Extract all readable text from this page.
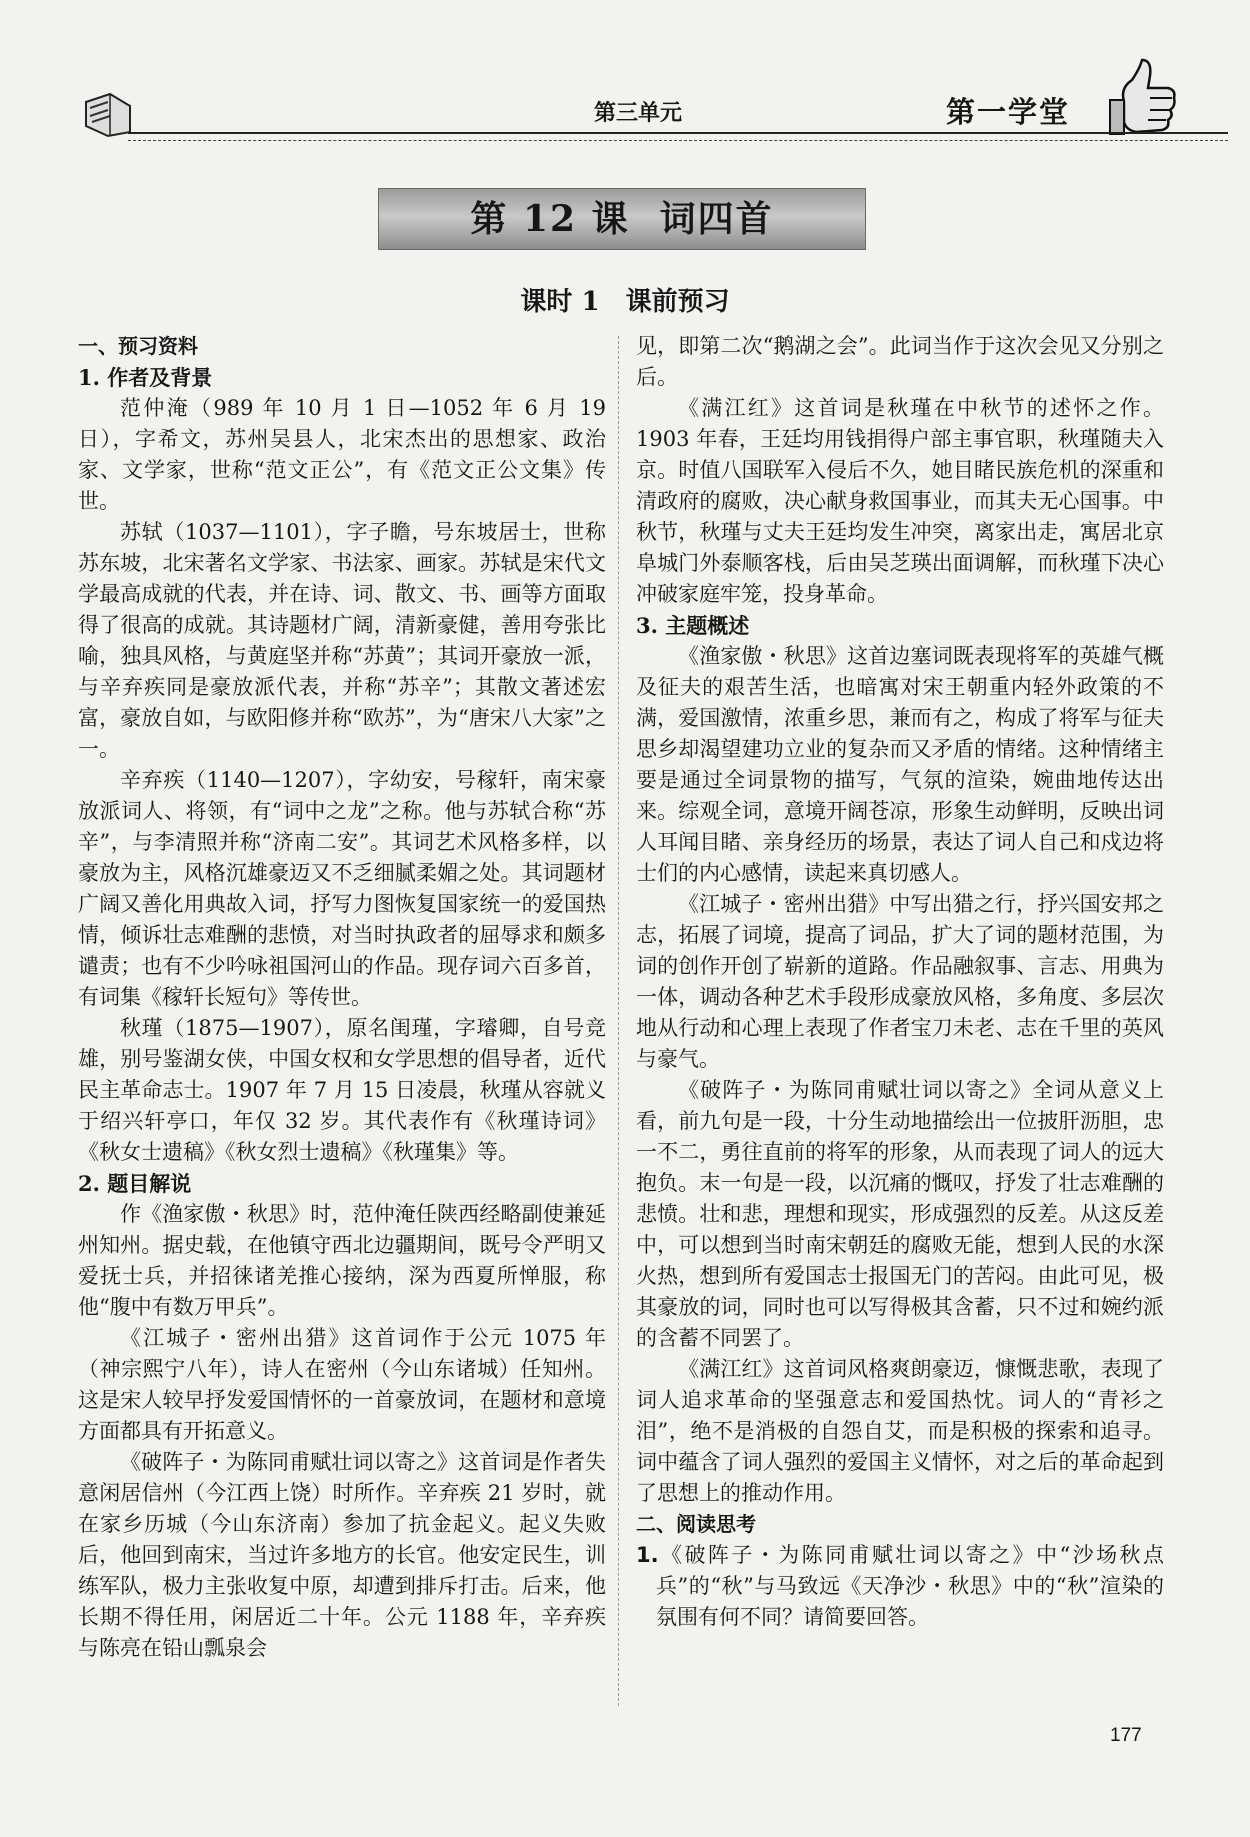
第三单元	第一学堂
第 12 课 词四首
课时 1　课前预习

一、预习资料

1. 作者及背景

范仲淹（989 年 10 月 1 日—1052 年 6 月 19 日），字希文，苏州吴县人，北宋杰出的思想家、政治家、文学家，世称“范文正公”，有《范文正公文集》传世。

苏轼（1037—1101），字子瞻，号东坡居士，世称苏东坡，北宋著名文学家、书法家、画家。苏轼是宋代文学最高成就的代表，并在诗、词、散文、书、画等方面取得了很高的成就。其诗题材广阔，清新豪健，善用夸张比喻，独具风格，与黄庭坚并称“苏黄”；其词开豪放一派，与辛弃疾同是豪放派代表，并称“苏辛”；其散文著述宏富，豪放自如，与欧阳修并称“欧苏”，为“唐宋八大家”之一。

辛弃疾（1140—1207），字幼安，号稼轩，南宋豪放派词人、将领，有“词中之龙”之称。他与苏轼合称“苏辛”，与李清照并称“济南二安”。其词艺术风格多样，以豪放为主，风格沉雄豪迈又不乏细腻柔媚之处。其词题材广阔又善化用典故入词，抒写力图恢复国家统一的爱国热情，倾诉壮志难酬的悲愤，对当时执政者的屈辱求和颇多谴责；也有不少吟咏祖国河山的作品。现存词六百多首，有词集《稼轩长短句》等传世。

秋瑾（1875—1907），原名闺瑾，字璿卿，自号竞雄，别号鉴湖女侠，中国女权和女学思想的倡导者，近代民主革命志士。1907 年 7 月 15 日凌晨，秋瑾从容就义于绍兴轩亭口，年仅 32 岁。其代表作有《秋瑾诗词》《秋女士遗稿》《秋女烈士遗稿》《秋瑾集》等。

2. 题目解说

作《渔家傲・秋思》时，范仲淹任陕西经略副使兼延州知州。据史载，在他镇守西北边疆期间，既号令严明又爱抚士兵，并招徕诸羌推心接纳，深为西夏所惮服，称他“腹中有数万甲兵”。

《江城子・密州出猎》这首词作于公元 1075 年（神宗熙宁八年），诗人在密州（今山东诸城）任知州。这是宋人较早抒发爱国情怀的一首豪放词，在题材和意境方面都具有开拓意义。

《破阵子・为陈同甫赋壮词以寄之》这首词是作者失意闲居信州（今江西上饶）时所作。辛弃疾 21 岁时，就在家乡历城（今山东济南）参加了抗金起义。起义失败后，他回到南宋，当过许多地方的长官。他安定民生，训练军队，极力主张收复中原，却遭到排斥打击。后来，他长期不得任用，闲居近二十年。公元 1188 年，辛弃疾与陈亮在铅山瓢泉会

见，即第二次“鹅湖之会”。此词当作于这次会见又分别之后。

《满江红》这首词是秋瑾在中秋节的述怀之作。1903 年春，王廷均用钱捐得户部主事官职，秋瑾随夫入京。时值八国联军入侵后不久，她目睹民族危机的深重和清政府的腐败，决心献身救国事业，而其夫无心国事。中秋节，秋瑾与丈夫王廷均发生冲突，离家出走，寓居北京阜城门外泰顺客栈，后由吴芝瑛出面调解，而秋瑾下决心冲破家庭牢笼，投身革命。

3. 主题概述

《渔家傲・秋思》这首边塞词既表现将军的英雄气概及征夫的艰苦生活，也暗寓对宋王朝重内轻外政策的不满，爱国激情，浓重乡思，兼而有之，构成了将军与征夫思乡却渴望建功立业的复杂而又矛盾的情绪。这种情绪主要是通过全词景物的描写，气氛的渲染，婉曲地传达出来。综观全词，意境开阔苍凉，形象生动鲜明，反映出词人耳闻目睹、亲身经历的场景，表达了词人自己和戍边将士们的内心感情，读起来真切感人。

《江城子・密州出猎》中写出猎之行，抒兴国安邦之志，拓展了词境，提高了词品，扩大了词的题材范围，为词的创作开创了崭新的道路。作品融叙事、言志、用典为一体，调动各种艺术手段形成豪放风格，多角度、多层次地从行动和心理上表现了作者宝刀未老、志在千里的英风与豪气。

《破阵子・为陈同甫赋壮词以寄之》全词从意义上看，前九句是一段，十分生动地描绘出一位披肝沥胆，忠一不二，勇往直前的将军的形象，从而表现了词人的远大抱负。末一句是一段，以沉痛的慨叹，抒发了壮志难酬的悲愤。壮和悲，理想和现实，形成强烈的反差。从这反差中，可以想到当时南宋朝廷的腐败无能，想到人民的水深火热，想到所有爱国志士报国无门的苦闷。由此可见，极其豪放的词，同时也可以写得极其含蓄，只不过和婉约派的含蓄不同罢了。

《满江红》这首词风格爽朗豪迈，慷慨悲歌，表现了词人追求革命的坚强意志和爱国热忱。词人的“青衫之泪”，绝不是消极的自怨自艾，而是积极的探索和追寻。词中蕴含了词人强烈的爱国主义情怀，对之后的革命起到了思想上的推动作用。

二、阅读思考

1.《破阵子・为陈同甫赋壮词以寄之》中“沙场秋点兵”的“秋”与马致远《天净沙・秋思》中的“秋”渲染的氛围有何不同？请简要回答。

177
